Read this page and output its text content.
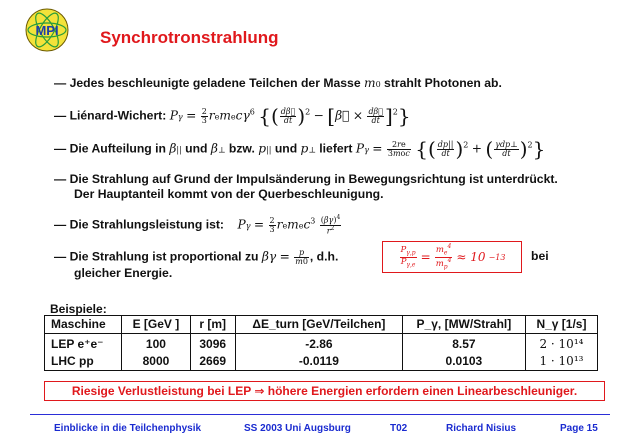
MPI Synchrotronstrahlung
— Jedes beschleunigte geladene Teilchen der Masse m0 strahlt Photonen ab.
— Liénard-Wichert: $P\gamma = \frac{2}{3}$ remecγ$^6$ {( $\frac{d\beta⃗}{dt} )^2$ − [β⃗ × $\frac{d\beta⃗}{dt} ]^2$}
— Die Aufteilung in β|| und β⊥ bzw. p|| und p⊥ liefert $P\gamma = \frac{2re}{\text{3moc}}$ {( $\frac{dp||}{dt} )^2$ + ( $\frac{\text{γdp⊥}}{dt} )^2$}
— Die Strahlung auf Grund der Impulsänderung in Bewegungsrichtung ist unterdrückt.
Der Hauptanteil kommt von der Querbeschleunigung.
— Die Strahlungsleistung ist: $P\gamma = \frac{2}{3}$ remec$^3$ $\frac{(\beta\gamma)^4}{r^2}$
— Die Strahlung ist proportional zu $\beta\gamma = \frac{p}{m0}$ , d.h.
gleicher Energie.
$\frac{P_{\gamma,p}}{P_{\gamma,e}} = \frac{m_e^4}{m_p^4} \approx 10 -13$ bei
Beispiele:
Maschine	E [GeV ]	r [m]	ΔE_turn [GeV/Teilchen]	P_γ, [MW/Strahl]	N_γ [1/s]
LEP e⁺e⁻	100	3096	-2.86	8.57	2 · 10¹⁴
LHC pp	8000	2669	-0.0119	0.0103	1 · 10¹³
Riesige Verlustleistung bei LEP ⇒ höhere Energien erfordern einen Linearbeschleuniger.
Einblicke in die Teilchenphysik	SS 2003 Uni Augsburg	T02	Richard Nisius	Page 15
